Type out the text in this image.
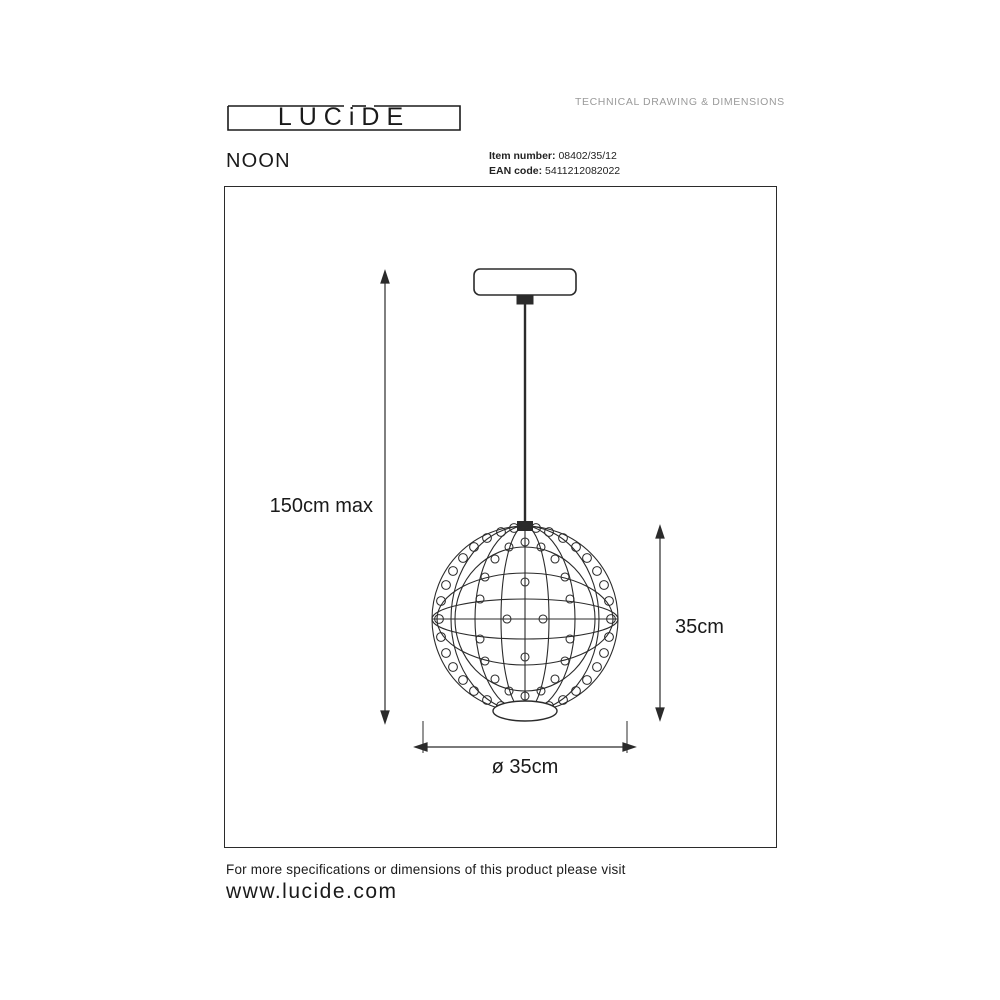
LUCiDE
TECHNICAL DRAWING & DIMENSIONS
NOON	Item number: 08402/35/12
EAN code: 5411212082022
150cm max
35cm
ø 35cm
For more specifications or dimensions of this product please visit
www.lucide.com
